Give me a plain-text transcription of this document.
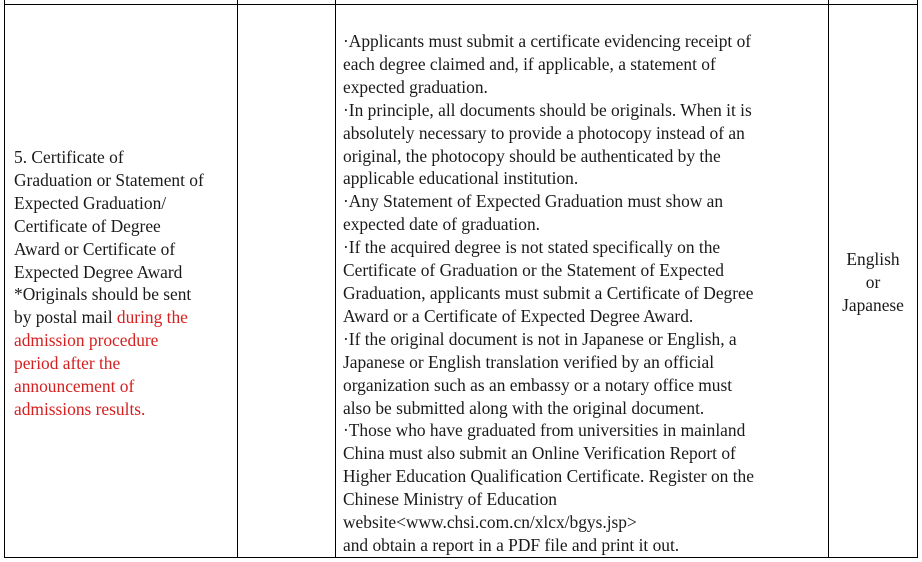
5. Certificate of
Graduation or Statement of
Expected Graduation/
Certificate of Degree
Award or Certificate of
Expected Degree Award
*Originals should be sent
by postal mail during the
admission procedure
period after the
announcement of
admissions results.
·Applicants must submit a certificate evidencing receipt of
each degree claimed and, if applicable, a statement of
expected graduation.
·In principle, all documents should be originals. When it is
absolutely necessary to provide a photocopy instead of an
original, the photocopy should be authenticated by the
applicable educational institution.
·Any Statement of Expected Graduation must show an
expected date of graduation.
·If the acquired degree is not stated specifically on the
Certificate of Graduation or the Statement of Expected
Graduation, applicants must submit a Certificate of Degree
Award or a Certificate of Expected Degree Award.
·If the original document is not in Japanese or English, a
Japanese or English translation verified by an official
organization such as an embassy or a notary office must
also be submitted along with the original document.
·Those who have graduated from universities in mainland
China must also submit an Online Verification Report of
Higher Education Qualification Certificate. Register on the
Chinese Ministry of Education
website<www.chsi.com.cn/xlcx/bgys.jsp>
and obtain a report in a PDF file and print it out.
English
or
Japanese
